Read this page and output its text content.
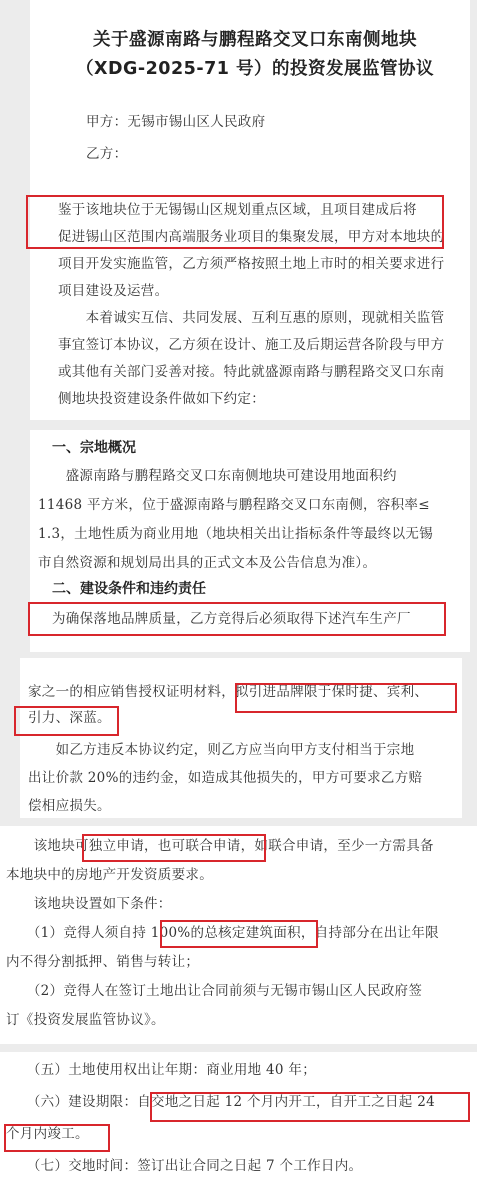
关于盛源南路与鹏程路交叉口东南侧地块

（XDG-2025-71 号）的投资发展监管协议

甲方：无锡市锡山区人民政府

乙方：

鉴于该地块位于无锡锡山区规划重点区域，且项目建成后将

促进锡山区范围内高端服务业项目的集聚发展，甲方对本地块的

项目开发实施监管，乙方须严格按照土地上市时的相关要求进行

项目建设及运营。

　　本着诚实互信、共同发展、互利互惠的原则，现就相关监管

事宜签订本协议，乙方须在设计、施工及后期运营各阶段与甲方

或其他有关部门妥善对接。特此就盛源南路与鹏程路交叉口东南

侧地块投资建设条件做如下约定：

一、宗地概况

　　盛源南路与鹏程路交叉口东南侧地块可建设用地面积约

11468 平方米，位于盛源南路与鹏程路交叉口东南侧，容积率≤

1.3，土地性质为商业用地（地块相关出让指标条件等最终以无锡

市自然资源和规划局出具的正式文本及公告信息为准）。

二、建设条件和违约责任

为确保落地品牌质量，乙方竞得后必须取得下述汽车生产厂

家之一的相应销售授权证明材料，拟引进品牌限于保时捷、宾利、

引力、深蓝。

　　如乙方违反本协议约定，则乙方应当向甲方支付相当于宗地

出让价款 20%的违约金，如造成其他损失的，甲方可要求乙方赔

偿相应损失。

　　该地块可独立申请，也可联合申请，如联合申请，至少一方需具备

本地块中的房地产开发资质要求。

　　该地块设置如下条件：

　　（1）竞得人须自持 100%的总核定建筑面积，自持部分在出让年限

内不得分割抵押、销售与转让；

　　（2）竞得人在签订土地出让合同前须与无锡市锡山区人民政府签

订《投资发展监管协议》。

　　（五）土地使用权出让年期：商业用地 40 年；

　　（六）建设期限：自交地之日起 12 个月内开工，自开工之日起 24

个月内竣工。

　　（七）交地时间：签订出让合同之日起 7 个工作日内。
